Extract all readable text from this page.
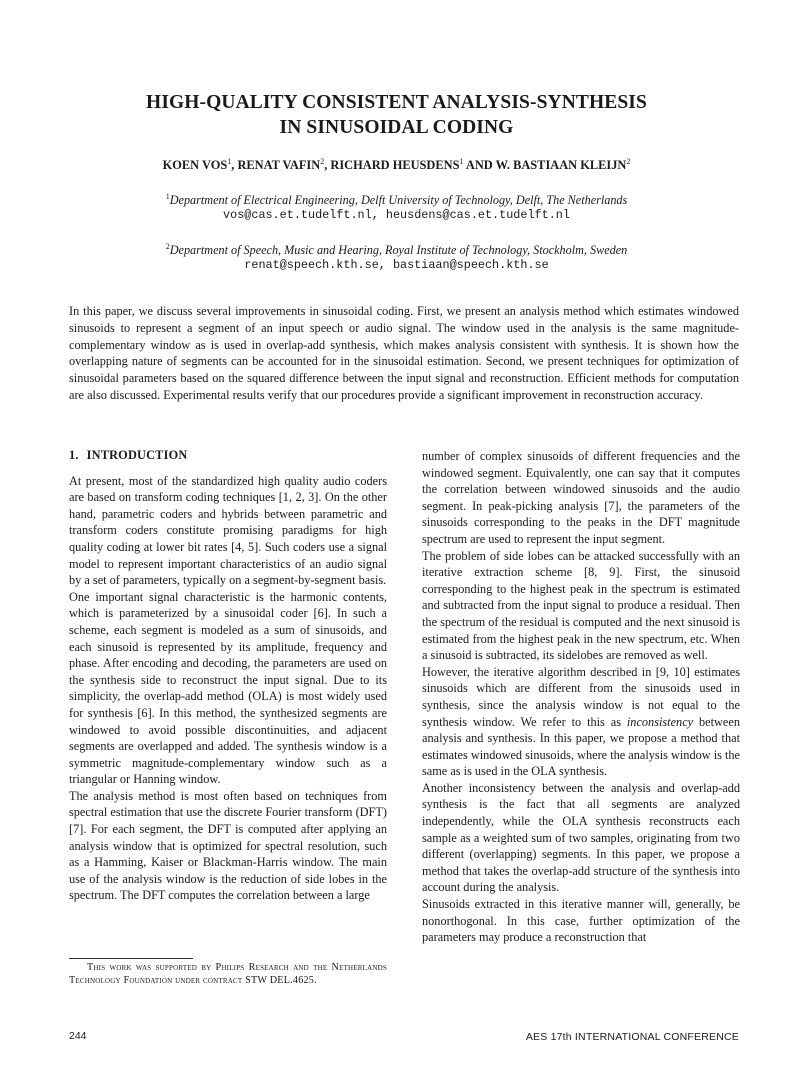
HIGH-QUALITY CONSISTENT ANALYSIS-SYNTHESIS
IN SINUSOIDAL CODING
KOEN VOS$^1$, RENAT VAFIN$^2$, RICHARD HEUSDENS$^1$ AND W. BASTIAAN KLEIJN$^2$
$^1$Department of Electrical Engineering, Delft University of Technology, Delft, The Netherlands
vos@cas.et.tudelft.nl, heusdens@cas.et.tudelft.nl
$^2$Department of Speech, Music and Hearing, Royal Institute of Technology, Stockholm, Sweden
renat@speech.kth.se, bastiaan@speech.kth.se
In this paper, we discuss several improvements in sinusoidal coding. First, we present an analysis method which estimates windowed sinusoids to represent a segment of an input speech or audio signal. The window used in the analysis is the same magnitude-complementary window as is used in overlap-add synthesis, which makes analysis consistent with synthesis. It is shown how the overlapping nature of segments can be accounted for in the sinusoidal estimation. Second, we present techniques for optimization of sinusoidal parameters based on the squared difference between the input signal and reconstruction. Efficient methods for computation are also discussed. Experimental results verify that our procedures provide a significant improvement in reconstruction accuracy.
1. INTRODUCTION

At present, most of the standardized high quality audio coders are based on transform coding techniques [1, 2, 3]. On the other hand, parametric coders and hybrids between parametric and transform coders constitute promising paradigms for high quality coding at lower bit rates [4, 5]. Such coders use a signal model to represent important characteristics of an audio signal by a set of parameters, typically on a segment-by-segment basis.

One important signal characteristic is the harmonic contents, which is parameterized by a sinusoidal coder [6]. In such a scheme, each segment is modeled as a sum of sinusoids, and each sinusoid is represented by its amplitude, frequency and phase. After encoding and decoding, the parameters are used on the synthesis side to reconstruct the input signal. Due to its simplicity, the overlap-add method (OLA) is most widely used for synthesis [6]. In this method, the synthesized segments are windowed to avoid possible discontinuities, and adjacent segments are overlapped and added. The synthesis window is a symmetric magnitude-complementary window such as a triangular or Hanning window.

The analysis method is most often based on techniques from spectral estimation that use the discrete Fourier transform (DFT) [7]. For each segment, the DFT is computed after applying an analysis window that is optimized for spectral resolution, such as a Hamming, Kaiser or Blackman-Harris window. The main use of the analysis window is the reduction of side lobes in the spectrum. The DFT computes the correlation between a large

number of complex sinusoids of different frequencies and the windowed segment. Equivalently, one can say that it computes the correlation between windowed sinusoids and the audio segment. In peak-picking analysis [7], the parameters of the sinusoids corresponding to the peaks in the DFT magnitude spectrum are used to represent the input segment.

The problem of side lobes can be attacked successfully with an iterative extraction scheme [8, 9]. First, the sinusoid corresponding to the highest peak in the spectrum is estimated and subtracted from the input signal to produce a residual. Then the spectrum of the residual is computed and the next sinusoid is estimated from the highest peak in the new spectrum, etc. When a sinusoid is subtracted, its sidelobes are removed as well.

However, the iterative algorithm described in [9, 10] estimates sinusoids which are different from the sinusoids used in synthesis, since the analysis window is not equal to the synthesis window. We refer to this as inconsistency between analysis and synthesis. In this paper, we propose a method that estimates windowed sinusoids, where the analysis window is the same as is used in the OLA synthesis.

Another inconsistency between the analysis and overlap-add synthesis is the fact that all segments are analyzed independently, while the OLA synthesis reconstructs each sample as a weighted sum of two samples, originating from two different (overlapping) segments. In this paper, we propose a method that takes the overlap-add structure of the synthesis into account during the analysis.

Sinusoids extracted in this iterative manner will, generally, be nonorthogonal. In this case, further optimization of the parameters may produce a reconstruction that

This work was supported by Philips Research and the Netherlands Technology Foundation under contract STW DEL.4625.
244	AES 17th INTERNATIONAL CONFERENCE
